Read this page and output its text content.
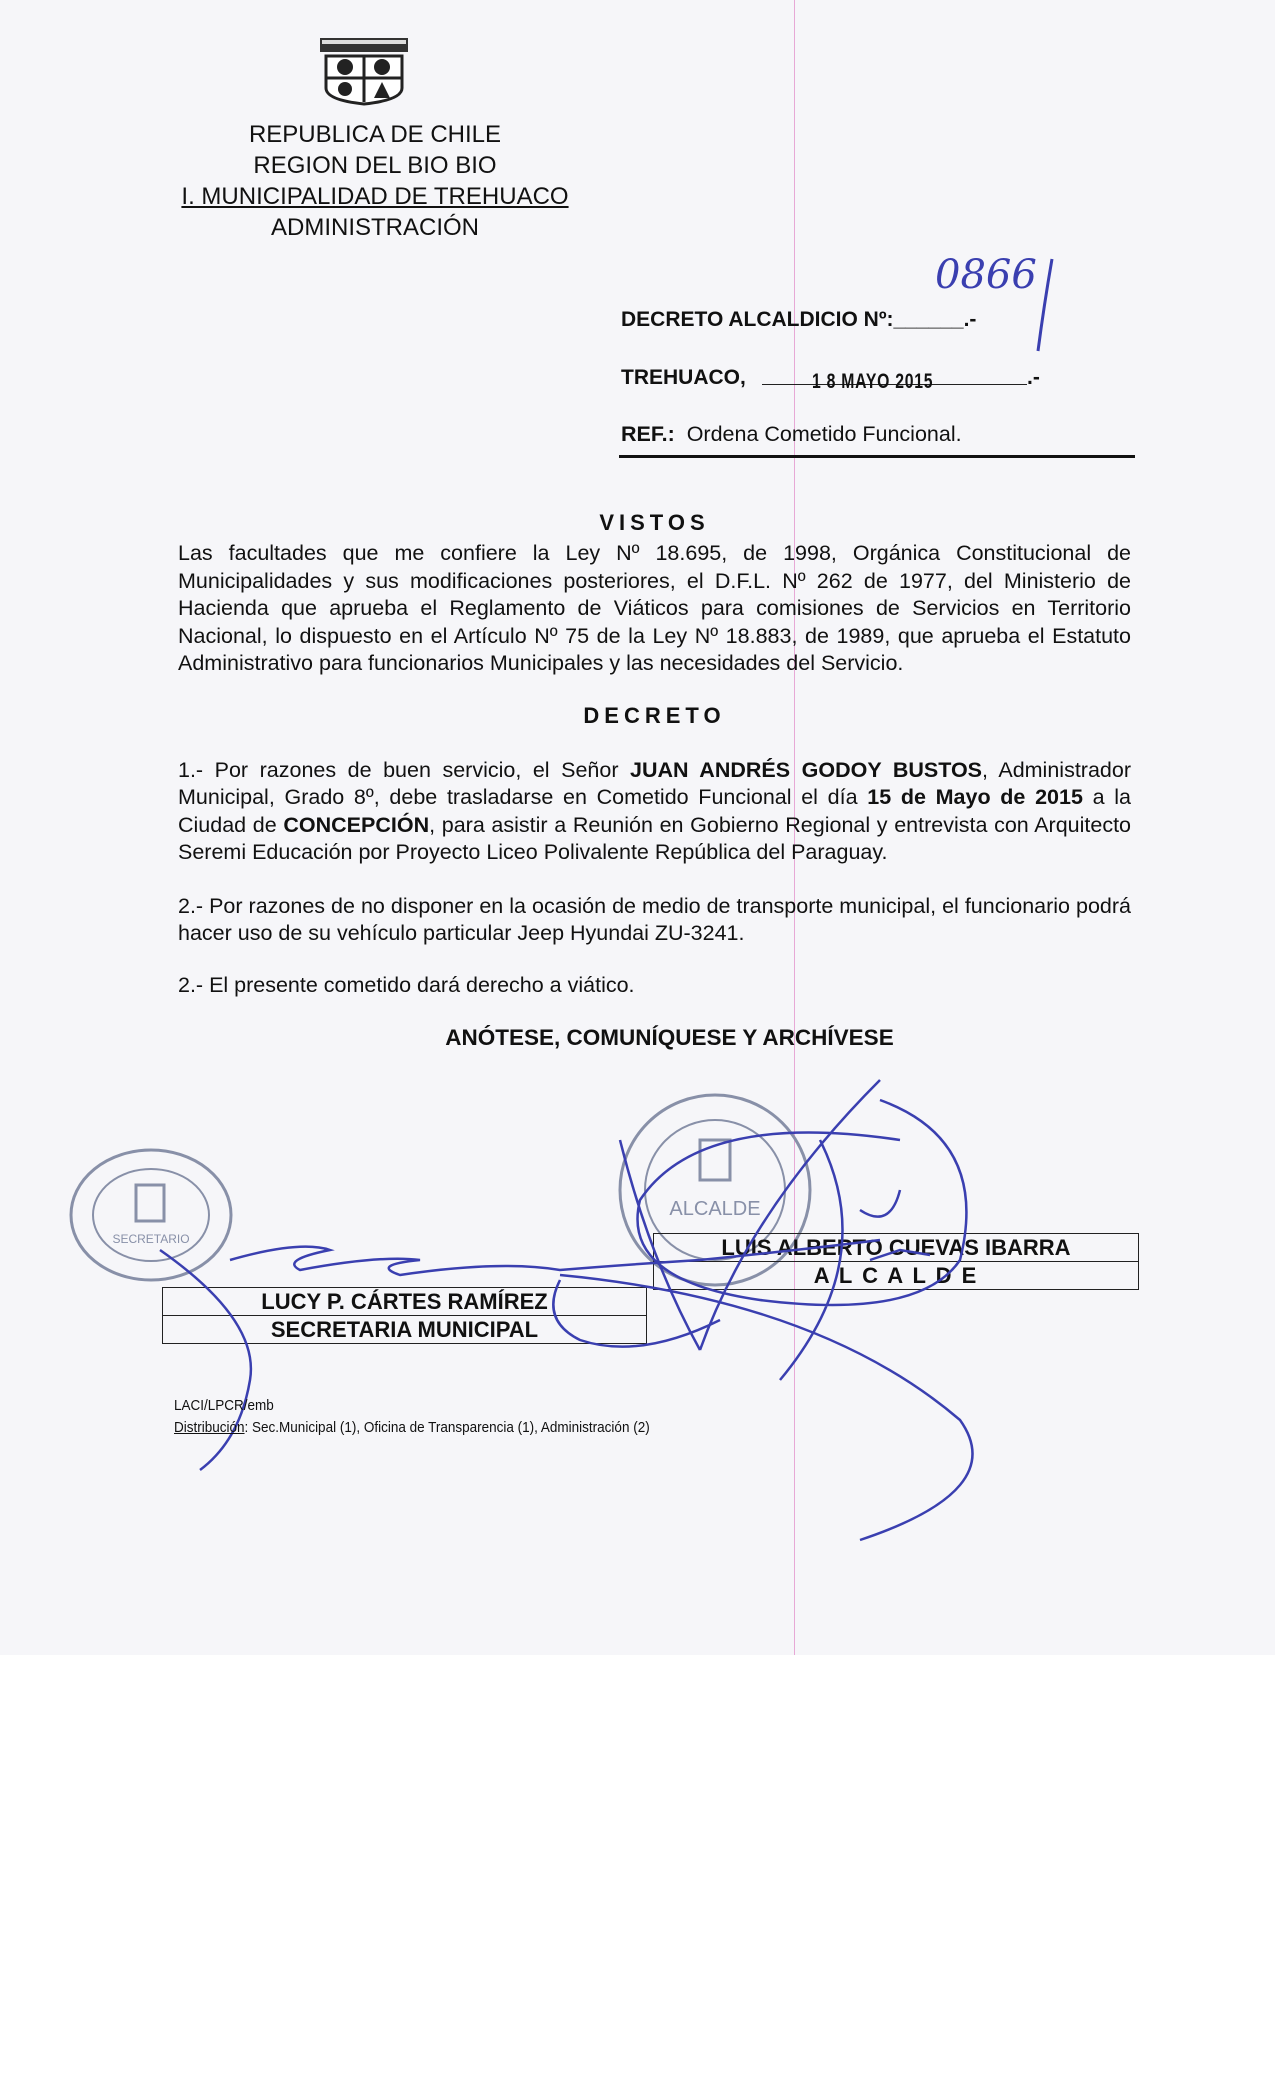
REPUBLICA DE CHILE
REGION DEL BIO BIO
I. MUNICIPALIDAD DE TREHUACO
ADMINISTRACIÓN
DECRETO ALCALDICIO Nº:______.-
0866
TREHUACO,	1 8 MAYO 2015	.-
REF.: Ordena Cometido Funcional.
VISTOS
Las facultades que me confiere la Ley Nº 18.695, de 1998, Orgánica Constitucional de Municipalidades y sus modificaciones posteriores, el D.F.L. Nº 262 de 1977, del Ministerio de Hacienda que aprueba el Reglamento de Viáticos para comisiones de Servicios en Territorio Nacional, lo dispuesto en el Artículo Nº 75 de la Ley Nº 18.883, de 1989, que aprueba el Estatuto Administrativo para funcionarios Municipales y las necesidades del Servicio.
DECRETO
1.- Por razones de buen servicio, el Señor JUAN ANDRÉS GODOY BUSTOS, Administrador Municipal, Grado 8º, debe trasladarse en Cometido Funcional el día 15 de Mayo de 2015 a la Ciudad de CONCEPCIÓN, para asistir a Reunión en Gobierno Regional y entrevista con Arquitecto Seremi Educación por Proyecto Liceo Polivalente República del Paraguay.
2.- Por razones de no disponer en la ocasión de medio de transporte municipal, el funcionario podrá hacer uso de su vehículo particular Jeep Hyundai ZU-3241.
2.- El presente cometido dará derecho a viático.
ANÓTESE, COMUNÍQUESE Y ARCHÍVESE
ALCALDE
SECRETARIO	LUIS ALBERTO CUEVAS IBARRA
A L C A L D E
LUCY P. CÁRTES RAMÍREZ
SECRETARIA MUNICIPAL
LACI/LPCR/emb
Distribución: Sec.Municipal (1), Oficina de Transparencia (1), Administración (2)
